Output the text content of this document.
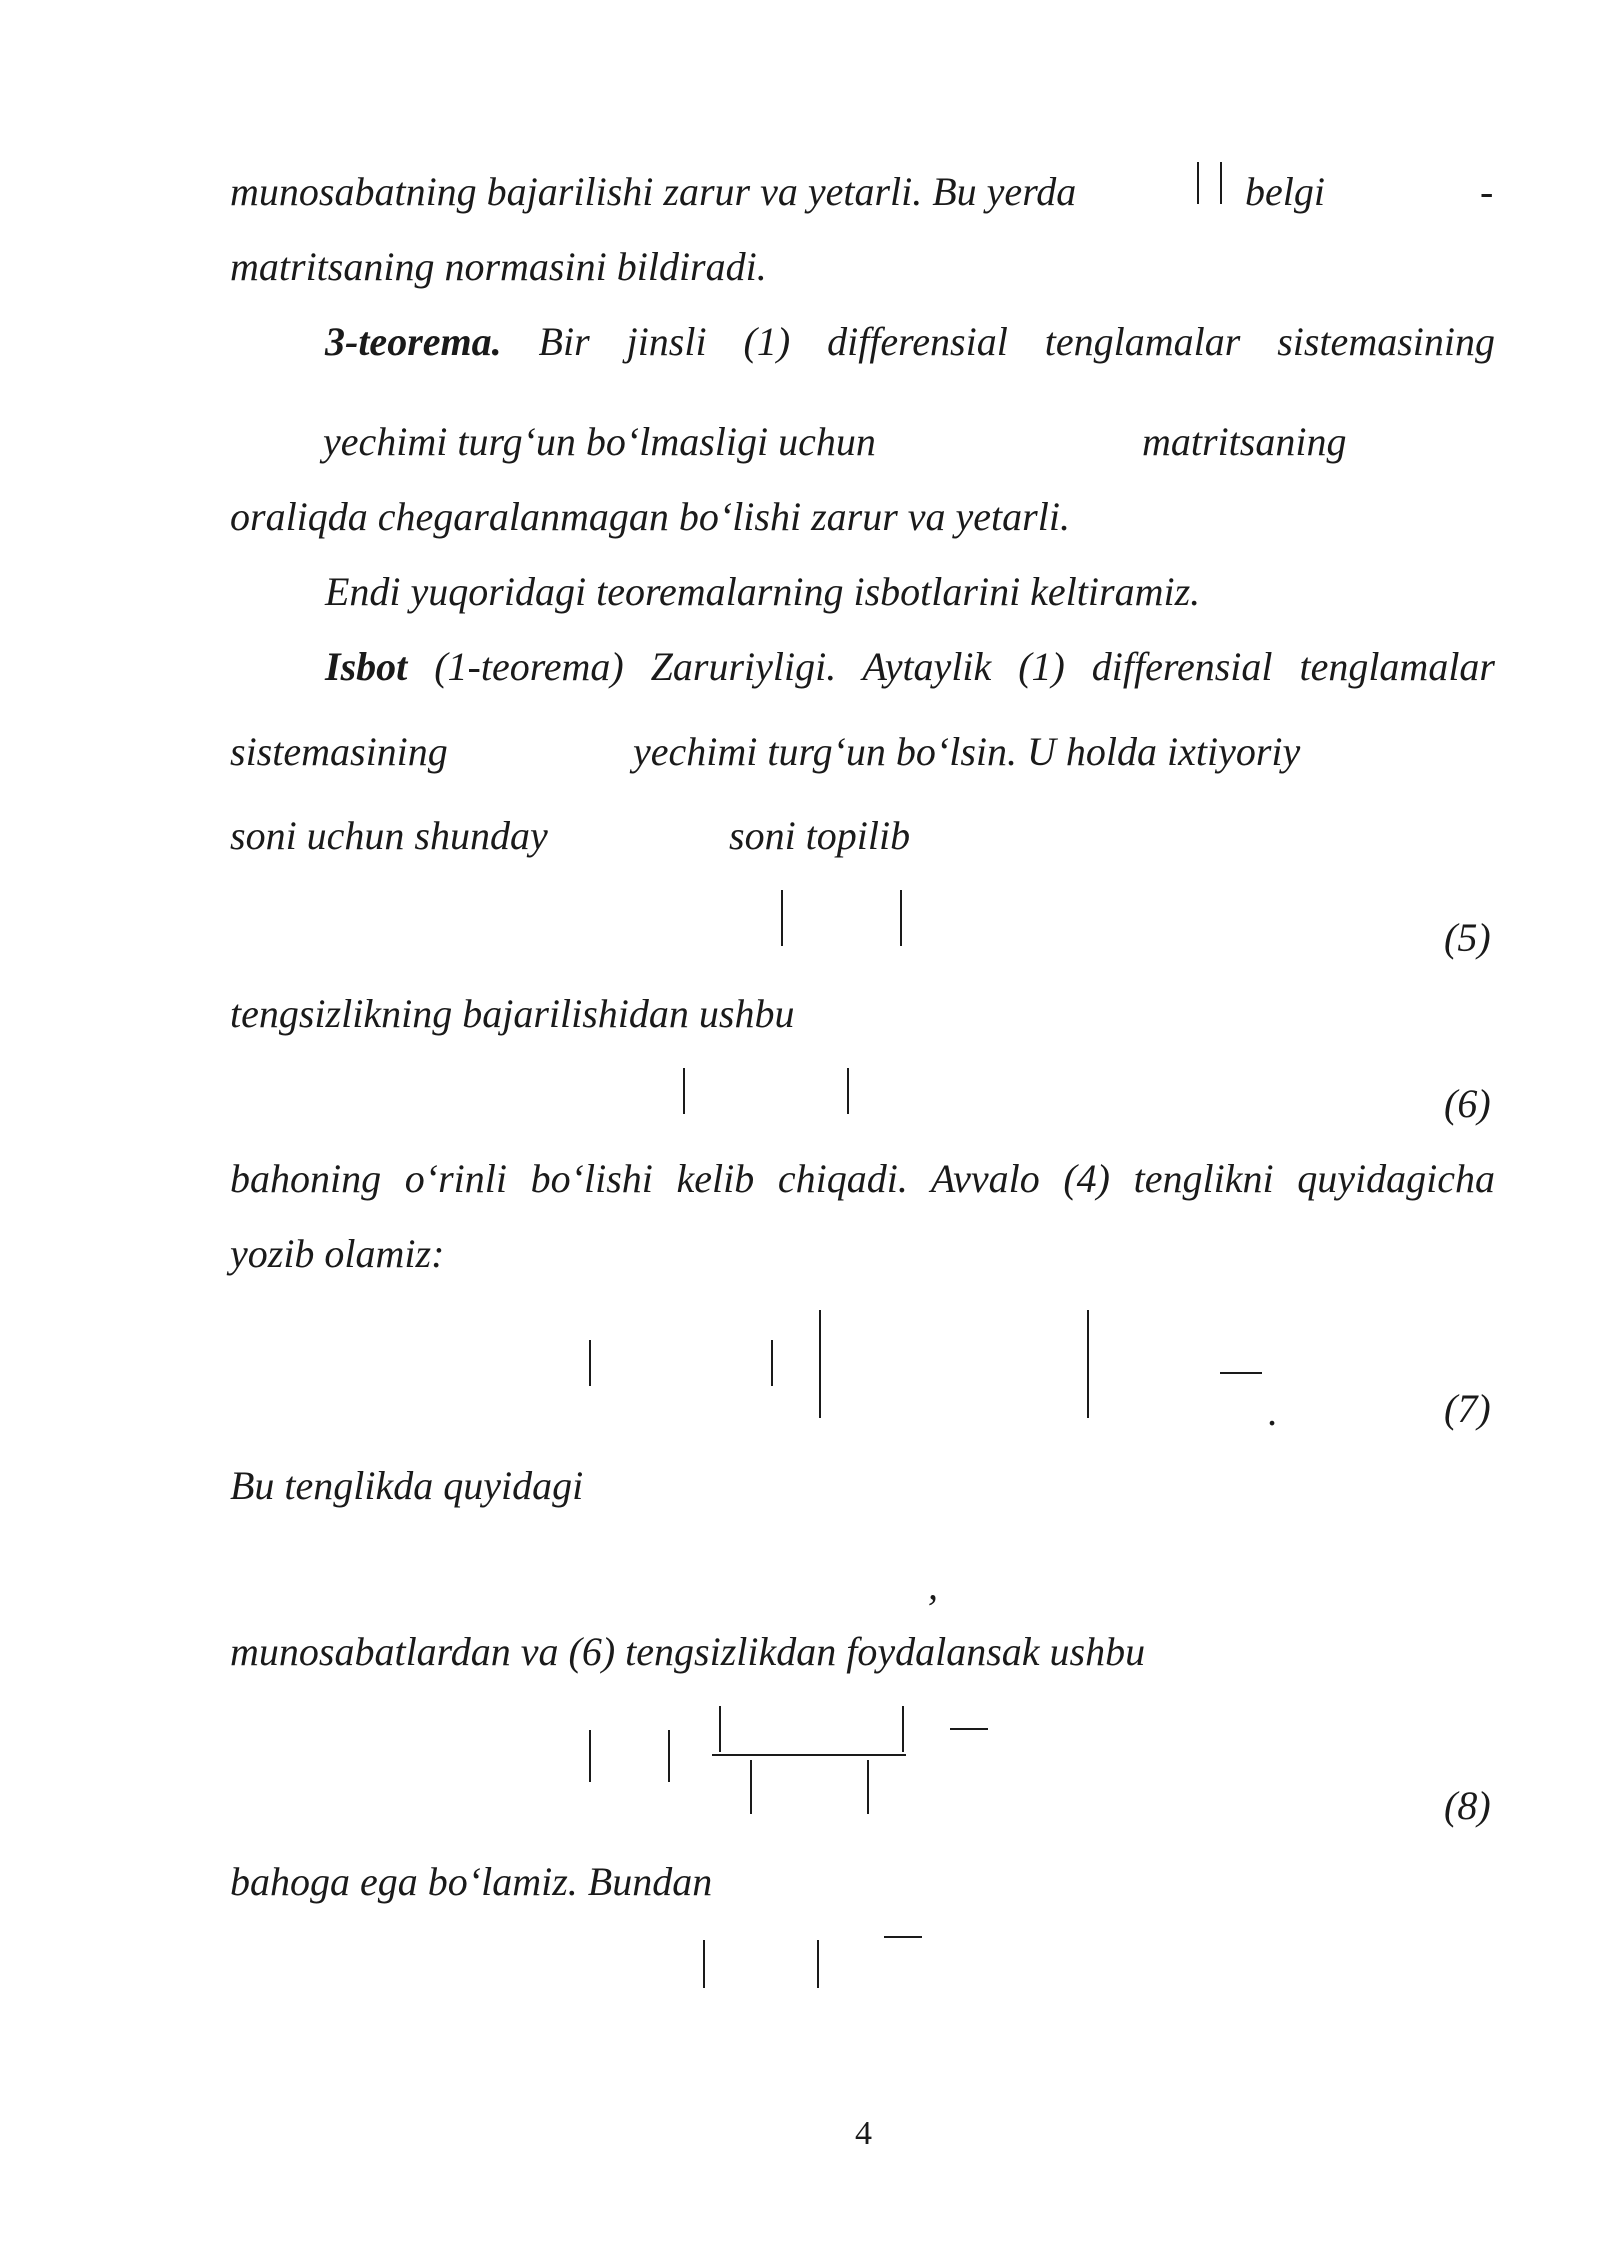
munosabatning bajarilishi zarur va yetarli. Bu yerda	‖ belgi	-
matritsaning normasini bildiradi.
3-teorema. Bir jinsli (1) differensial tenglamalar sistemasining
yechimi turg‘un bo‘lmasligi uchun	matritsaning
oraliqda chegaralanmagan bo‘lishi zarur va yetarli.
Endi yuqoridagi teoremalarning isbotlarini keltiramiz.
Isbot (1-teorema) Zaruriyligi. Aytaylik (1) differensial tenglamalar
sistemasining	yechimi turg‘un bo‘lsin. U holda ixtiyoriy
soni uchun shunday	soni topilib
(5)
tengsizlikning bajarilishidan ushbu
(6)
bahoning o‘rinli bo‘lishi kelib chiqadi. Avvalo (4) tenglikni quyidagicha
yozib olamiz:
.	(7)
Bu tenglikda quyidagi
,
munosabatlardan va (6) tengsizlikdan foydalansak ushbu
(8)
bahoga ega bo‘lamiz. Bundan
4
